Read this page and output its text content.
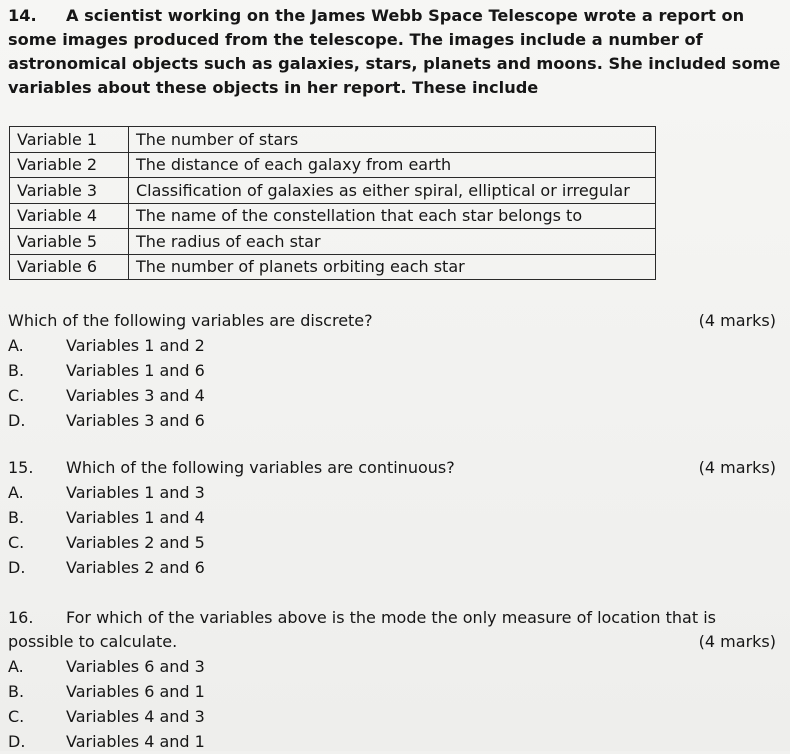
14. A scientist working on the James Webb Space Telescope wrote a report on some images produced from the telescope. The images include a number of astronomical objects such as galaxies, stars, planets and moons. She included some variables about these objects in her report. These include
Variable 1	The number of stars
Variable 2	The distance of each galaxy from earth
Variable 3	Classification of galaxies as either spiral, elliptical or irregular
Variable 4	The name of the constellation that each star belongs to
Variable 5	The radius of each star
Variable 6	The number of planets orbiting each star
Which of the following variables are discrete?	(4 marks)
A.	Variables 1 and 2
B.	Variables 1 and 6
C.	Variables 3 and 4
D.	Variables 3 and 6
15. Which of the following variables are continuous?	(4 marks)
A.	Variables 1 and 3
B.	Variables 1 and 4
C.	Variables 2 and 5
D.	Variables 2 and 6
16. For which of the variables above is the mode the only measure of location that is
possible to calculate.	(4 marks)
A.	Variables 6 and 3
B.	Variables 6 and 1
C.	Variables 4 and 3
D.	Variables 4 and 1
